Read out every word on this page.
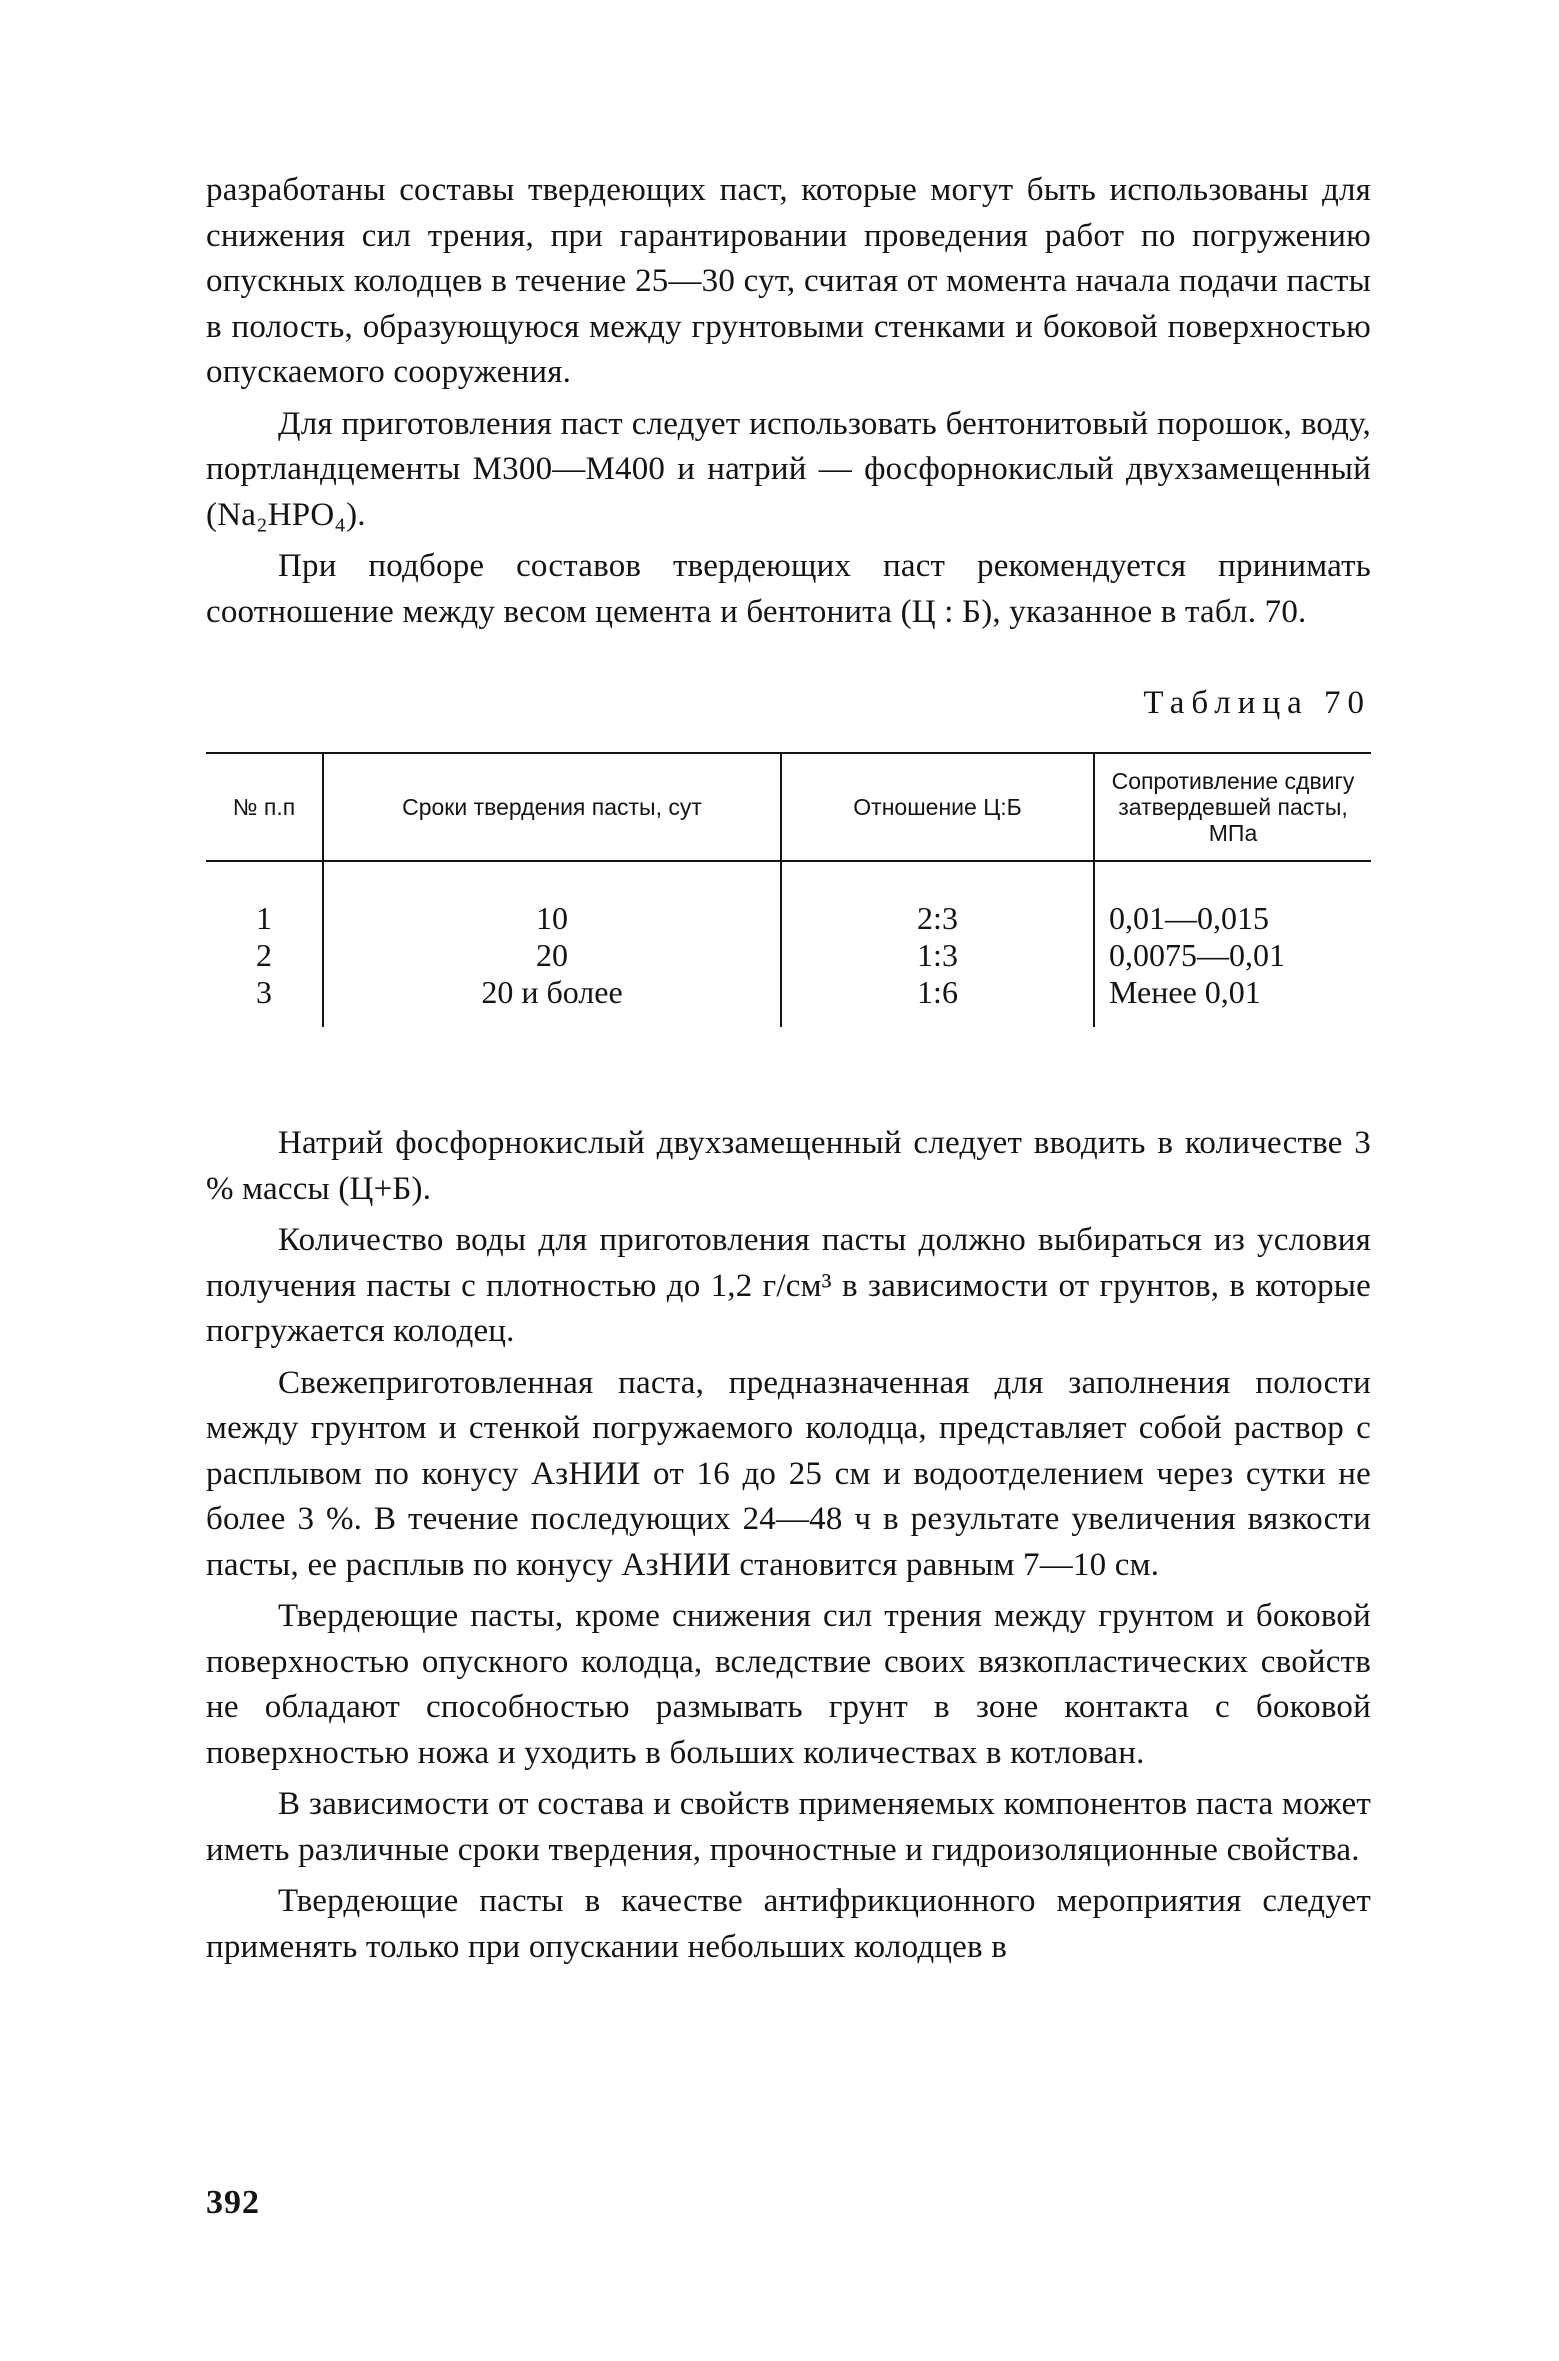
разработаны составы твердеющих паст, которые могут быть использованы для снижения сил трения, при гарантировании проведения работ по погружению опускных колодцев в течение 25—30 сут, считая от момента начала подачи пасты в полость, образующуюся между грунтовыми стенками и боковой поверхностью опускаемого сооружения.

Для приготовления паст следует использовать бентонитовый порошок, воду, портландцементы М300—М400 и натрий — фосфорнокислый двухзамещенный (Na₂HPO₄).

При подборе составов твердеющих паст рекомендуется принимать соотношение между весом цемента и бентонита (Ц : Б), указанное в табл. 70.

Таблица 70
№ п.п	Сроки твердения пасты, сут	Отношение Ц:Б	Сопротивление сдвигу затвердевшей пасты, МПа
1	10	2:3	0,01—0,015
2	20	1:3	0,0075—0,01
3	20 и более	1:6	Менее 0,01

Натрий фосфорнокислый двухзамещенный следует вводить в количестве 3 % массы (Ц+Б).

Количество воды для приготовления пасты должно выбираться из условия получения пасты с плотностью до 1,2 г/см³ в зависимости от грунтов, в которые погружается колодец.

Свежеприготовленная паста, предназначенная для заполнения полости между грунтом и стенкой погружаемого колодца, представляет собой раствор с расплывом по конусу АзНИИ от 16 до 25 см и водоотделением через сутки не более 3 %. В течение последующих 24—48 ч в результате увеличения вязкости пасты, ее расплыв по конусу АзНИИ становится равным 7—10 см.

Твердеющие пасты, кроме снижения сил трения между грунтом и боковой поверхностью опускного колодца, вследствие своих вязкопластических свойств не обладают способностью размывать грунт в зоне контакта с боковой поверхностью ножа и уходить в больших количествах в котлован.

В зависимости от состава и свойств применяемых компонентов паста может иметь различные сроки твердения, прочностные и гидроизоляционные свойства.

Твердеющие пасты в качестве антифрикционного мероприятия следует применять только при опускании небольших колодцев в

392
